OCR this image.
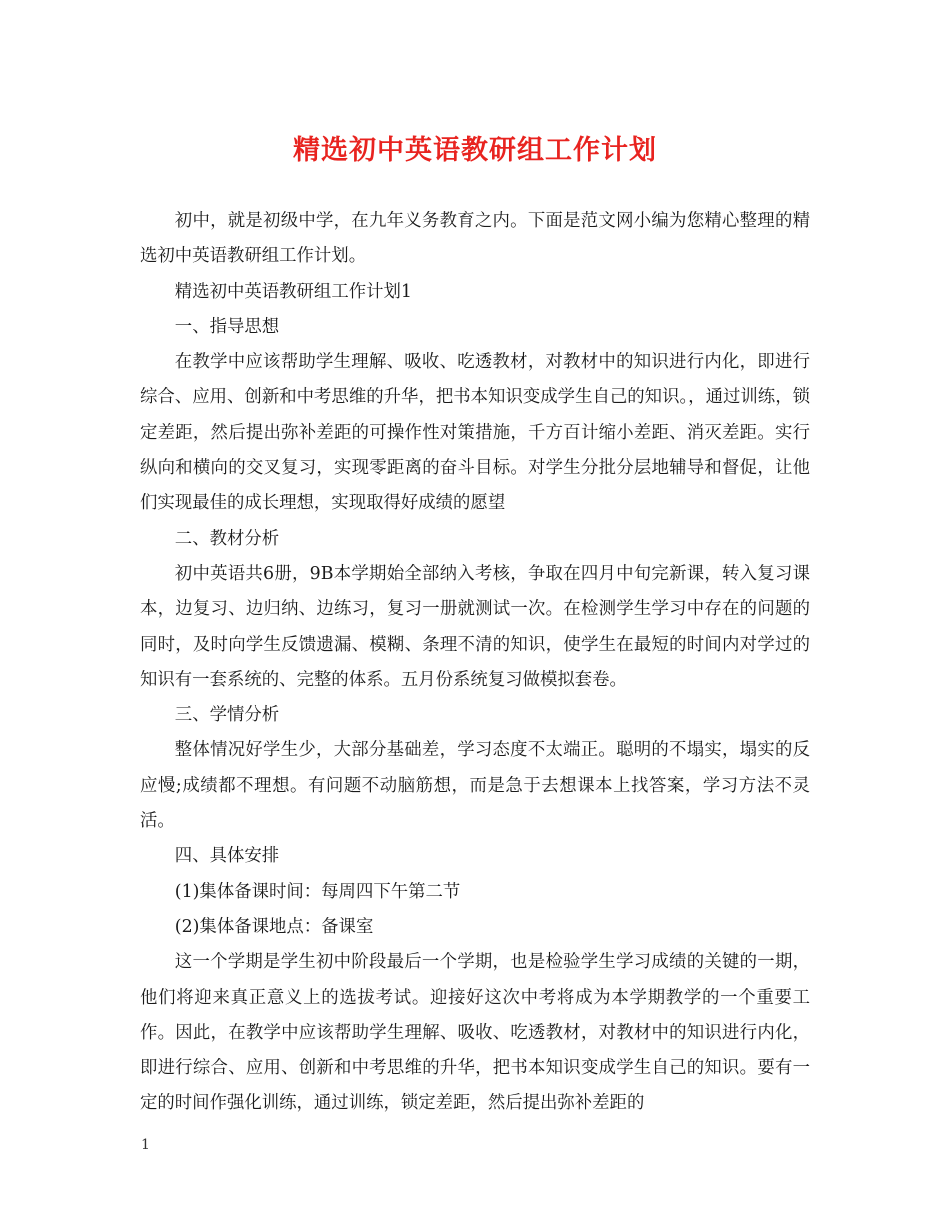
精选初中英语教研组工作计划

初中，就是初级中学，在九年义务教育之内。下面是范文网小编为您精心整理的精选初中英语教研组工作计划。

精选初中英语教研组工作计划1

一、指导思想

在教学中应该帮助学生理解、吸收、吃透教材，对教材中的知识进行内化，即进行综合、应用、创新和中考思维的升华，把书本知识变成学生自己的知识。，通过训练，锁定差距，然后提出弥补差距的可操作性对策措施，千方百计缩小差距、消灭差距。实行纵向和横向的交叉复习，实现零距离的奋斗目标。对学生分批分层地辅导和督促，让他们实现最佳的成长理想，实现取得好成绩的愿望

二、教材分析

初中英语共6册，9B本学期始全部纳入考核，争取在四月中旬完新课，转入复习课本，边复习、边归纳、边练习，复习一册就测试一次。在检测学生学习中存在的问题的同时，及时向学生反馈遗漏、模糊、条理不清的知识，使学生在最短的时间内对学过的知识有一套系统的、完整的体系。五月份系统复习做模拟套卷。

三、学情分析

整体情况好学生少，大部分基础差，学习态度不太端正。聪明的不塌实，塌实的反应慢;成绩都不理想。有问题不动脑筋想，而是急于去想课本上找答案，学习方法不灵活。

四、具体安排

(1)集体备课时间：每周四下午第二节

(2)集体备课地点：备课室

这一个学期是学生初中阶段最后一个学期，也是检验学生学习成绩的关键的一期，他们将迎来真正意义上的选拔考试。迎接好这次中考将成为本学期教学的一个重要工作。因此，在教学中应该帮助学生理解、吸收、吃透教材，对教材中的知识进行内化，即进行综合、应用、创新和中考思维的升华，把书本知识变成学生自己的知识。要有一定的时间作强化训练，通过训练，锁定差距，然后提出弥补差距的

1
